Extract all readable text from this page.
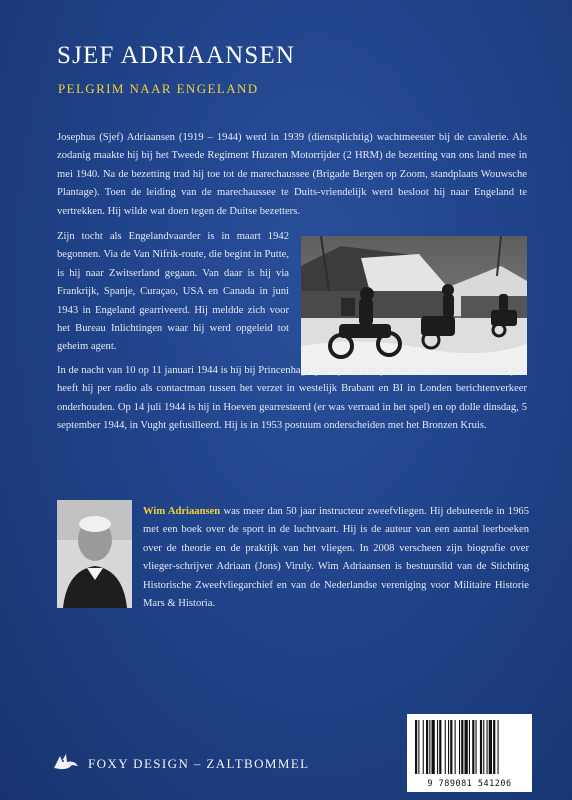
SJEF ADRIAANSEN
PELGRIM NAAR ENGELAND

Josephus (Sjef) Adriaansen (1919 – 1944) werd in 1939 (dienstplichtig) wachtmeester bij de cavalerie. Als zodanig maakte hij bij het Tweede Regiment Huzaren Motorrijder (2 HRM) de bezetting van ons land mee in mei 1940. Na de bezetting trad hij toe tot de marechaussee (Brigade Bergen op Zoom, standplaats Wouwsche Plantage). Toen de leiding van de marechaussee te Duits-vriendelijk werd besloot hij naar Engeland te vertrekken. Hij wilde wat doen tegen de Duitse bezetters.

Zijn tocht als Engelandvaarder is in maart 1942 begonnen. Via de Van Nifrik-route, die begint in Putte, is hij naar Zwitserland gegaan. Van daar is hij via Frankrijk, Spanje, Curaçao, USA en Canada in juni 1943 in Engeland gearriveerd. Hij meldde zich voor het Bureau Inlichtingen waar hij werd opgeleid tot geheim agent.

In de nacht van 10 op 11 januari 1944 is hij bij Princenhage gedropt. In een periode van meer dan een half jaar heeft hij per radio als contactman tussen het verzet in westelijk Brabant en BI in Londen berichtenverkeer onderhouden. Op 14 juli 1944 is hij in Hoeven gearresteerd (er was verraad in het spel) en op dolle dinsdag, 5 september 1944, in Vught gefusilleerd. Hij is in 1953 postuum onderscheiden met het Bronzen Kruis.

Wim Adriaansen was meer dan 50 jaar instructeur zweefvliegen. Hij debuteerde in 1965 met een boek over de sport in de luchtvaart. Hij is de auteur van een aantal leerboeken over de theorie en de praktijk van het vliegen. In 2008 verscheen zijn biografie over vlieger-schrijver Adriaan (Jons) Viruly. Wim Adriaansen is bestuurslid van de Stichting Historische Zweefvliegarchief en van de Nederlandse vereniging voor Militaire Historie Mars & Historia.

9 789081 541206
FOXY DESIGN – ZALTBOMMEL
